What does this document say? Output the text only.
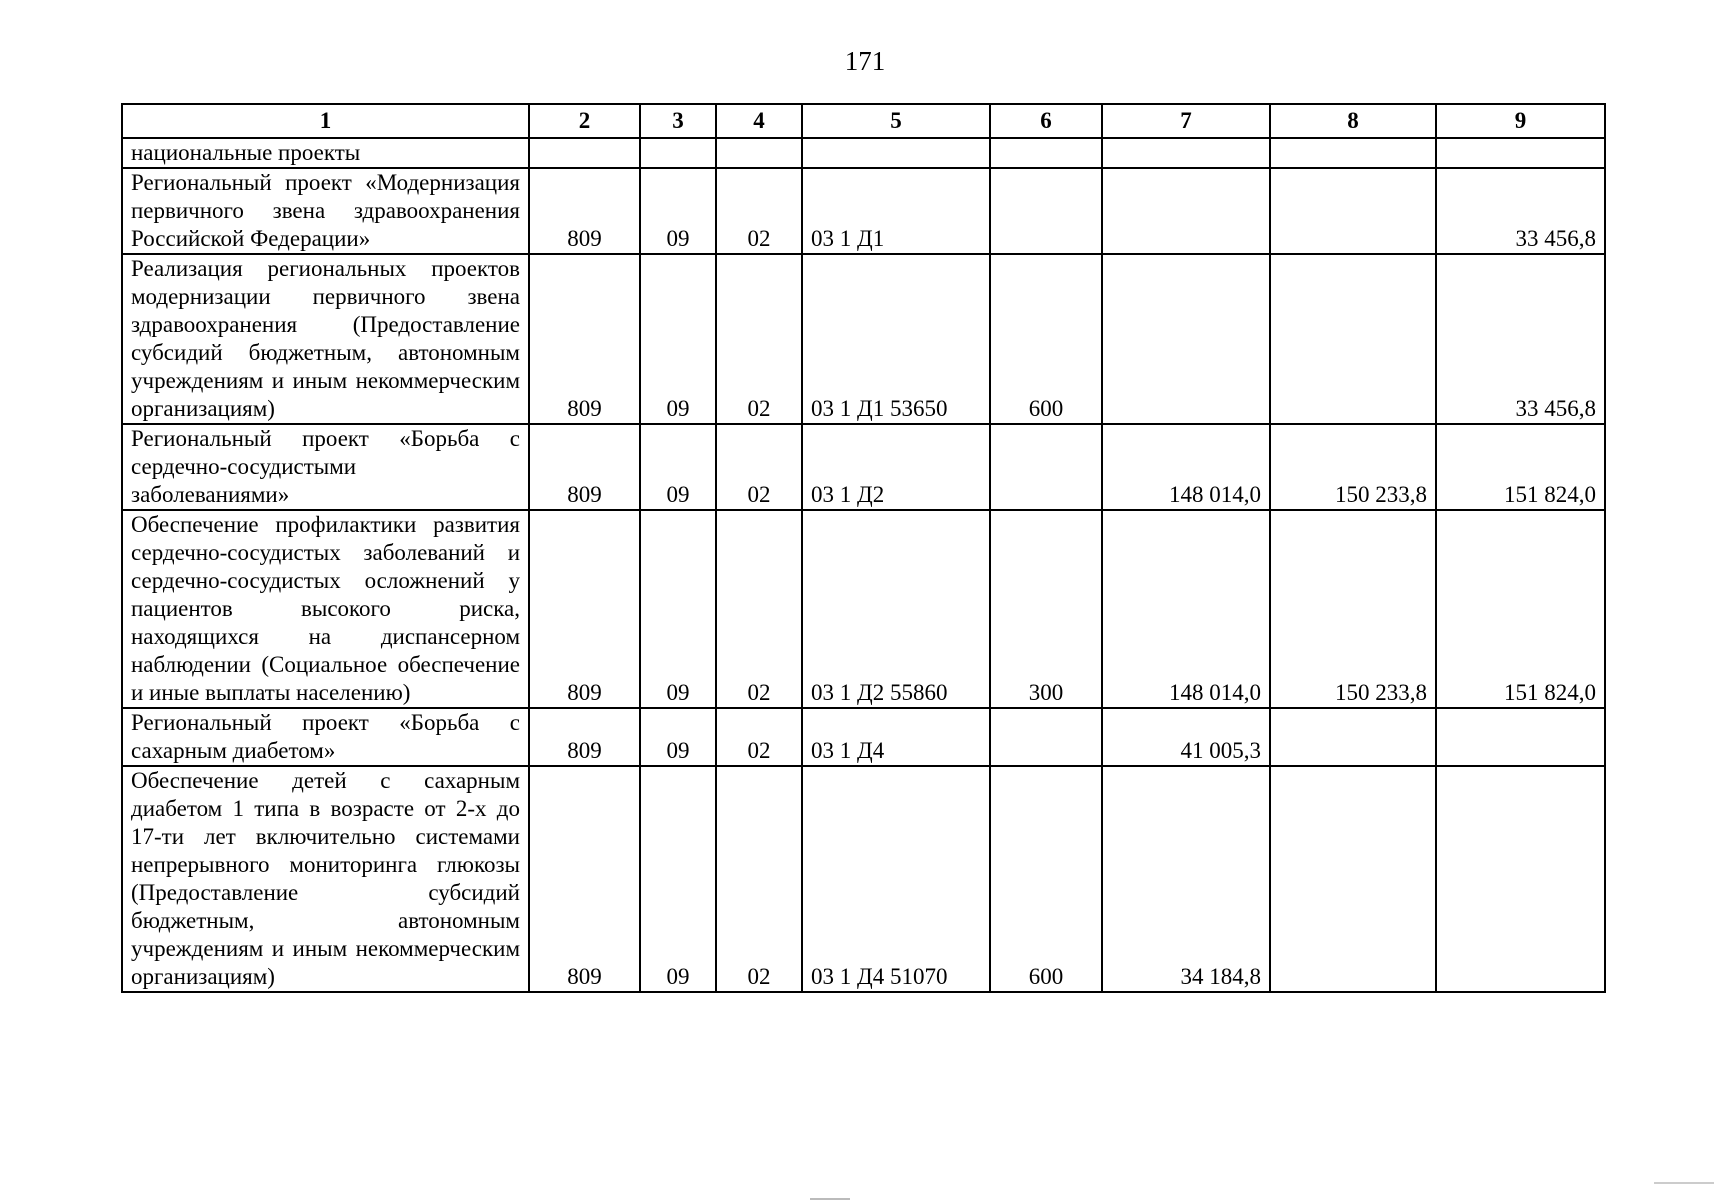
171
1	2	3	4	5	6	7	8	9
национальные проекты								
Региональный проект «Модернизация первичного звена здравоохранения Российской Федерации»	809	09	02	03 1 Д1				33 456,8
Реализация региональных проектов модернизации первичного звена здравоохранения (Предоставление субсидий бюджетным, автономным учреждениям и иным некоммерческим организациям)	809	09	02	03 1 Д1 53650	600			33 456,8
Региональный проект «Борьба с сердечно-сосудистыми заболеваниями»	809	09	02	03 1 Д2		148 014,0	150 233,8	151 824,0
Обеспечение профилактики развития сердечно-сосудистых заболеваний и сердечно-сосудистых осложнений у пациентов высокого риска, находящихся на диспансерном наблюдении (Социальное обеспечение и иные выплаты населению)	809	09	02	03 1 Д2 55860	300	148 014,0	150 233,8	151 824,0
Региональный проект «Борьба с сахарным диабетом»	809	09	02	03 1 Д4		41 005,3		
Обеспечение детей с сахарным диабетом 1 типа в возрасте от 2-х до 17-ти лет включительно системами непрерывного мониторинга глюкозы (Предоставление субсидий бюджетным, автономным учреждениям и иным некоммерческим организациям)	809	09	02	03 1 Д4 51070	600	34 184,8		
